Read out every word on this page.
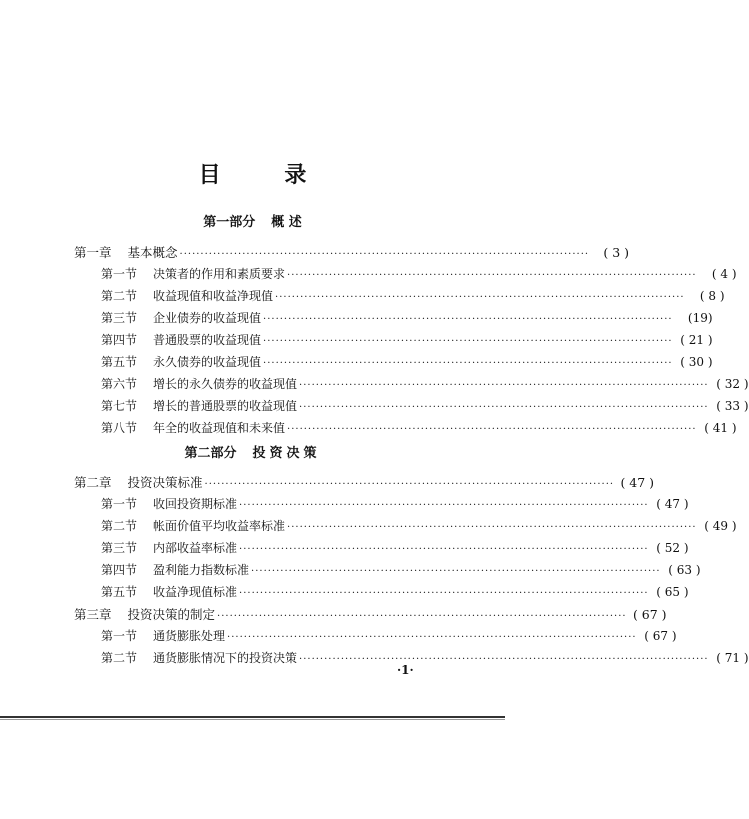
目 录
第一部分 概 述
第一章 基本概念 ··································································································	( 3 )
第一节 决策者的作用和素质要求 ··································································································	( 4 )
第二节 收益现值和收益净现值 ··································································································	( 8 )
第三节 企业债券的收益现值 ··································································································	(19)
第四节 普通股票的收益现值 ·································································································· ( 21 )
第五节 永久债券的收益现值 ·································································································· ( 30 )
第六节 增长的永久债券的收益现值 ·································································································· ( 32 )
第七节 增长的普通股票的收益现值 ·································································································· ( 33 )
第八节 年全的收益现值和未来值 ·································································································· ( 41 )
第二部分 投资决策
第二章 投资决策标准 ·································································································· ( 47 )
第一节 收回投资期标准 ·································································································· ( 47 )
第二节 帐面价值平均收益率标准 ·································································································· ( 49 )
第三节 内部收益率标准 ·································································································· ( 52 )
第四节 盈利能力指数标准 ·································································································· ( 63 )
第五节 收益净现值标准 ·································································································· ( 65 )
第三章 投资决策的制定 ·································································································· ( 67 )
第一节 通货膨胀处理 ·································································································· ( 67 )
第二节 通货膨胀情况下的投资决策 ·································································································· ( 71 )
·1·
